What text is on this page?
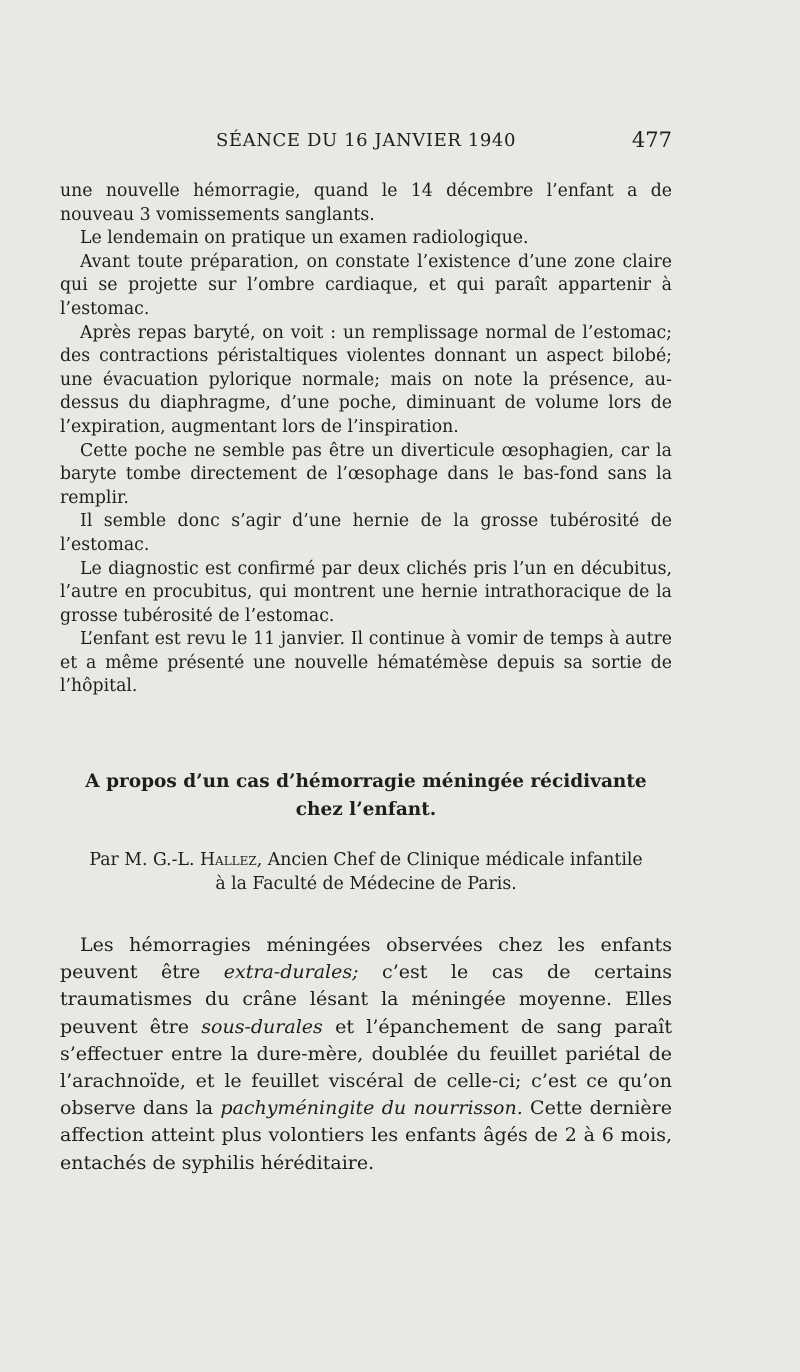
SÉANCE DU 16 JANVIER 1940	477

une nouvelle hémorragie, quand le 14 décembre l’enfant a de nouveau 3 vomissements sanglants.

Le lendemain on pratique un examen radiologique.

Avant toute préparation, on constate l’existence d’une zone claire qui se projette sur l’ombre cardiaque, et qui paraît appartenir à l’estomac.

Après repas baryté, on voit : un remplissage normal de l’estomac; des contractions péristaltiques violentes donnant un aspect bilobé; une évacuation pylorique normale; mais on note la présence, au-dessus du diaphragme, d’une poche, diminuant de volume lors de l’expiration, augmentant lors de l’inspiration.

Cette poche ne semble pas être un diverticule œsophagien, car la baryte tombe directement de l’œsophage dans le bas-fond sans la remplir.

Il semble donc s’agir d’une hernie de la grosse tubérosité de l’estomac.

Le diagnostic est confirmé par deux clichés pris l’un en décubitus, l’autre en procubitus, qui montrent une hernie intrathoracique de la grosse tubérosité de l’estomac.

L’enfant est revu le 11 janvier. Il continue à vomir de temps à autre et a même présenté une nouvelle hématémèse depuis sa sortie de l’hôpital.

A propos d’un cas d’hémorragie méningée récidivante
chez l’enfant.
Par M. G.-L. Hallez, Ancien Chef de Clinique médicale infantile
à la Faculté de Médecine de Paris.

Les hémorragies méningées observées chez les enfants peuvent être extra-durales; c’est le cas de certains traumatismes du crâne lésant la méningée moyenne. Elles peuvent être sous-durales et l’épanchement de sang paraît s’effectuer entre la dure-mère, doublée du feuillet pariétal de l’arachnoïde, et le feuillet viscéral de celle-ci; c’est ce qu’on observe dans la pachyméningite du nourrisson. Cette dernière affection atteint plus volontiers les enfants âgés de 2 à 6 mois, entachés de syphilis héréditaire.
